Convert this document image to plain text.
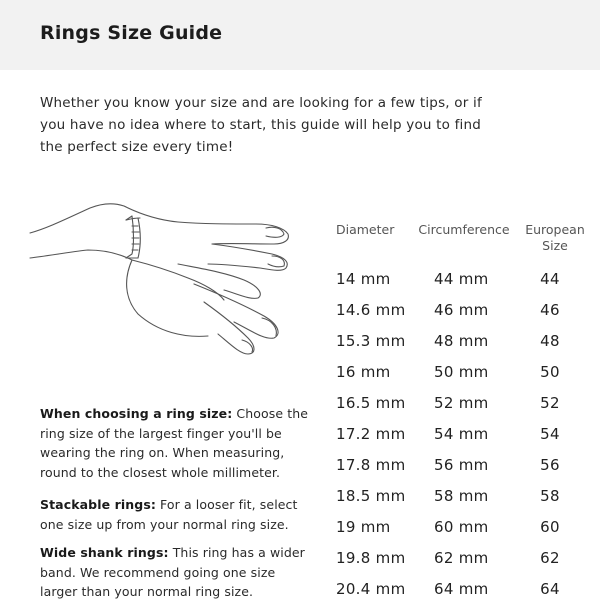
Rings Size Guide
Whether you know your size and are looking for a few tips, or if
you have no idea where to start, this guide will help you to find
the perfect size every time!
Diameter	Circumference	European
Size
14 mm	44 mm	44
14.6 mm 46 mm	46
15.3 mm 48 mm	48
16 mm	50 mm	50
16.5 mm 52 mm	52
17.2 mm 54 mm	54
17.8 mm 56 mm	56
18.5 mm 58 mm	58
19 mm	60 mm	60
19.8 mm 62 mm	62
20.4 mm 64 mm	64
When choosing a ring size: Choose the
ring size of the largest finger you'll be
wearing the ring on. When measuring,
round to the closest whole millimeter.
Stackable rings: For a looser fit, select
one size up from your normal ring size.
Wide shank rings: This ring has a wider
band. We recommend going one size
larger than your normal ring size.
